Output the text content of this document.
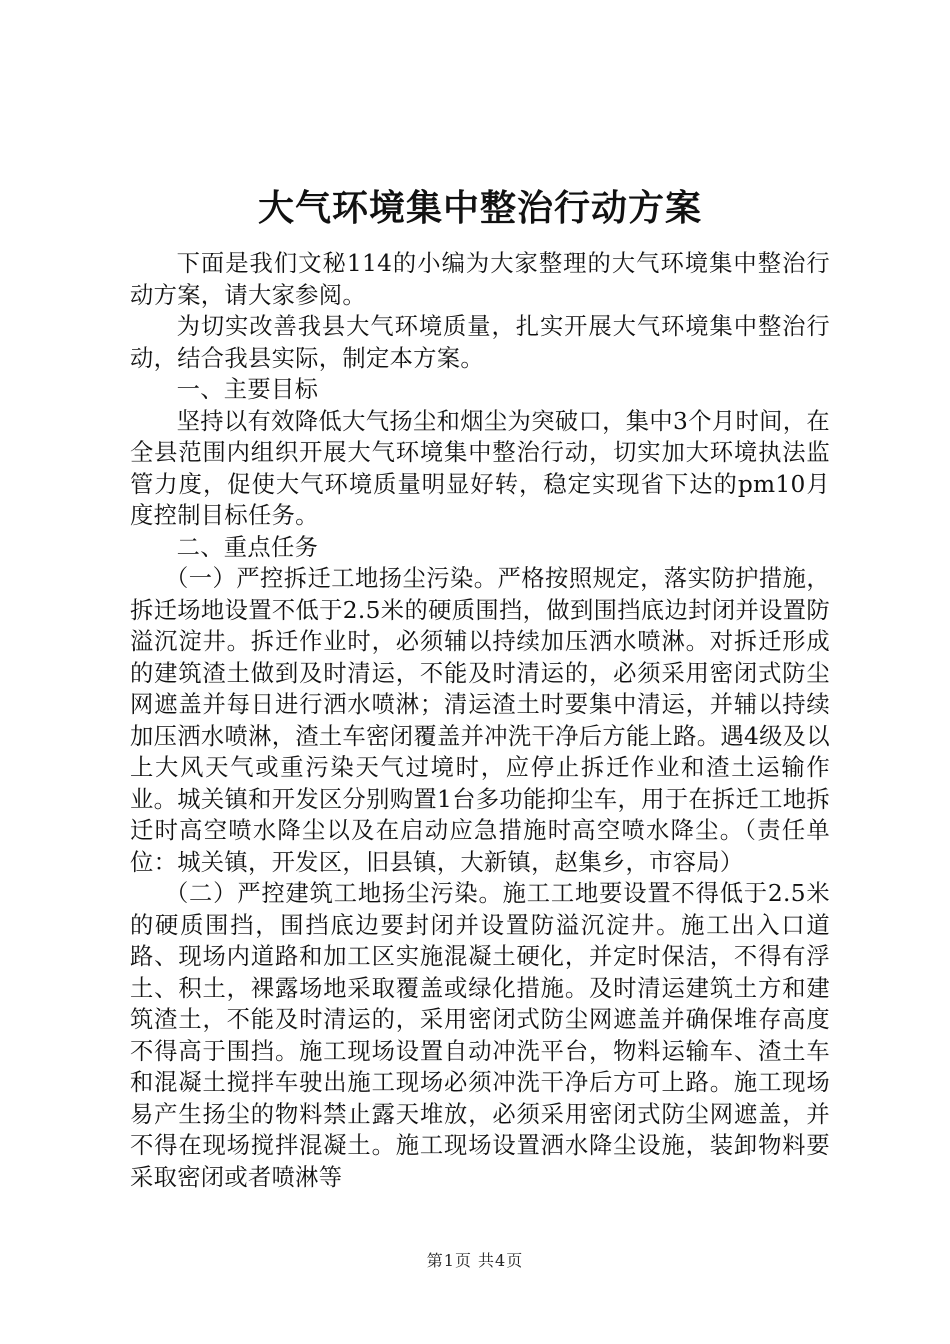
大气环境集中整治行动方案

下面是我们文秘114的小编为大家整理的大气环境集中整治行动方案，请大家参阅。

为切实改善我县大气环境质量，扎实开展大气环境集中整治行动，结合我县实际，制定本方案。

一、主要目标

坚持以有效降低大气扬尘和烟尘为突破口，集中3个月时间，在全县范围内组织开展大气环境集中整治行动，切实加大环境执法监管力度，促使大气环境质量明显好转，稳定实现省下达的pm10月度控制目标任务。

二、重点任务

（一）严控拆迁工地扬尘污染。严格按照规定，落实防护措施，拆迁场地设置不低于2.5米的硬质围挡，做到围挡底边封闭并设置防溢沉淀井。拆迁作业时，必须辅以持续加压洒水喷淋。对拆迁形成的建筑渣土做到及时清运，不能及时清运的，必须采用密闭式防尘网遮盖并每日进行洒水喷淋；清运渣土时要集中清运，并辅以持续加压洒水喷淋，渣土车密闭覆盖并冲洗干净后方能上路。遇4级及以上大风天气或重污染天气过境时，应停止拆迁作业和渣土运输作业。城关镇和开发区分别购置1台多功能抑尘车，用于在拆迁工地拆迁时高空喷水降尘以及在启动应急措施时高空喷水降尘。（责任单位：城关镇，开发区，旧县镇，大新镇，赵集乡，市容局）

（二）严控建筑工地扬尘污染。施工工地要设置不得低于2.5米的硬质围挡，围挡底边要封闭并设置防溢沉淀井。施工出入口道路、现场内道路和加工区实施混凝土硬化，并定时保洁，不得有浮土、积土，裸露场地采取覆盖或绿化措施。及时清运建筑土方和建筑渣土，不能及时清运的，采用密闭式防尘网遮盖并确保堆存高度不得高于围挡。施工现场设置自动冲洗平台，物料运输车、渣土车和混凝土搅拌车驶出施工现场必须冲洗干净后方可上路。施工现场易产生扬尘的物料禁止露天堆放，必须采用密闭式防尘网遮盖，并不得在现场搅拌混凝土。施工现场设置洒水降尘设施，装卸物料要采取密闭或者喷淋等

第1页 共4页
